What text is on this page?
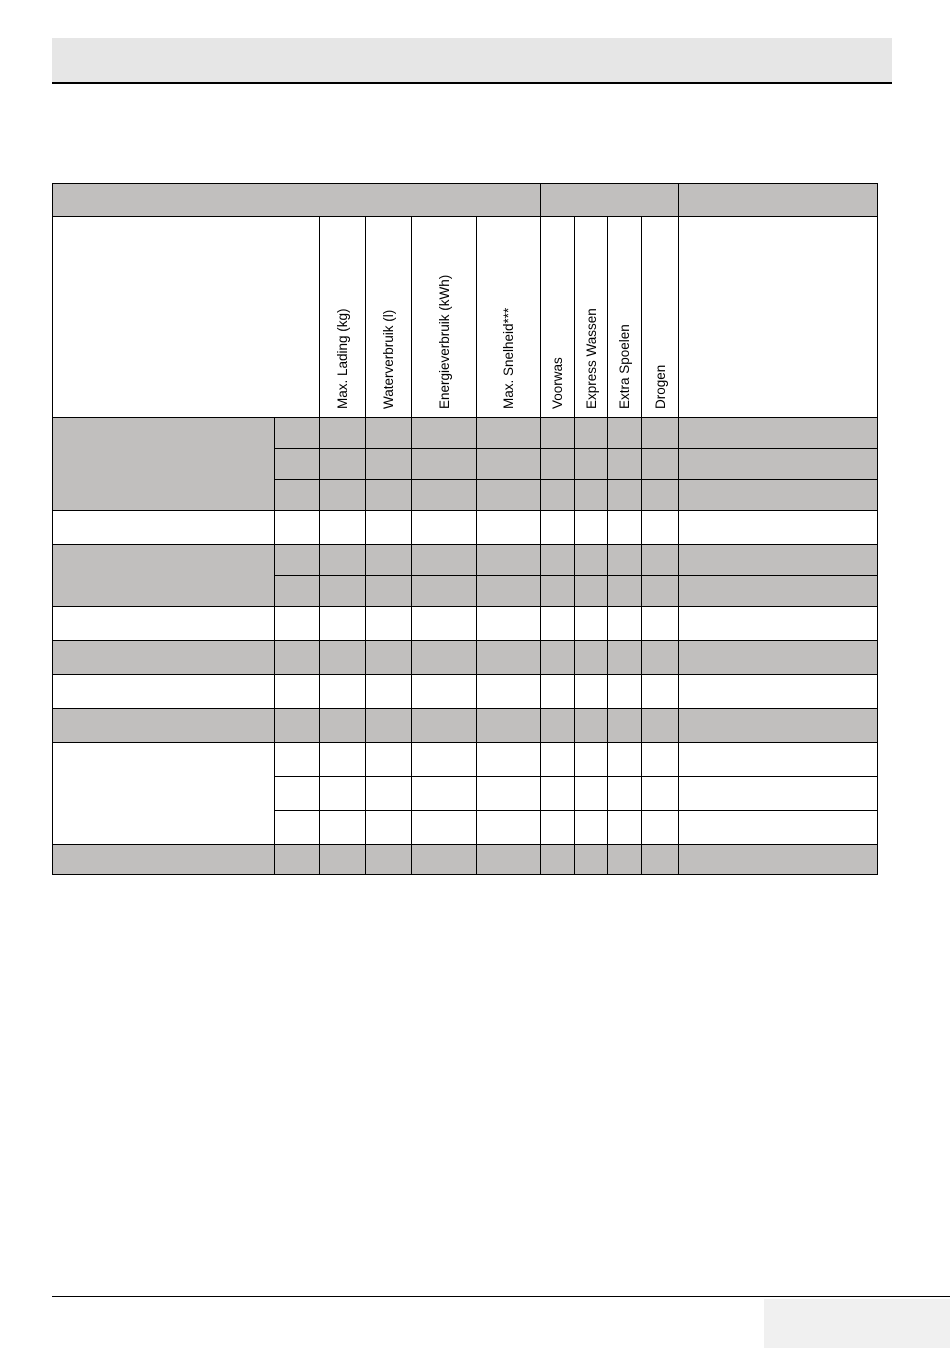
		Max. Lading (kg)	Waterverbruik (l)	Energieverbruik (kWh)	Max. Snelheid***	Voorwas	Express Wassen	Extra Spoelen	Drogen	
